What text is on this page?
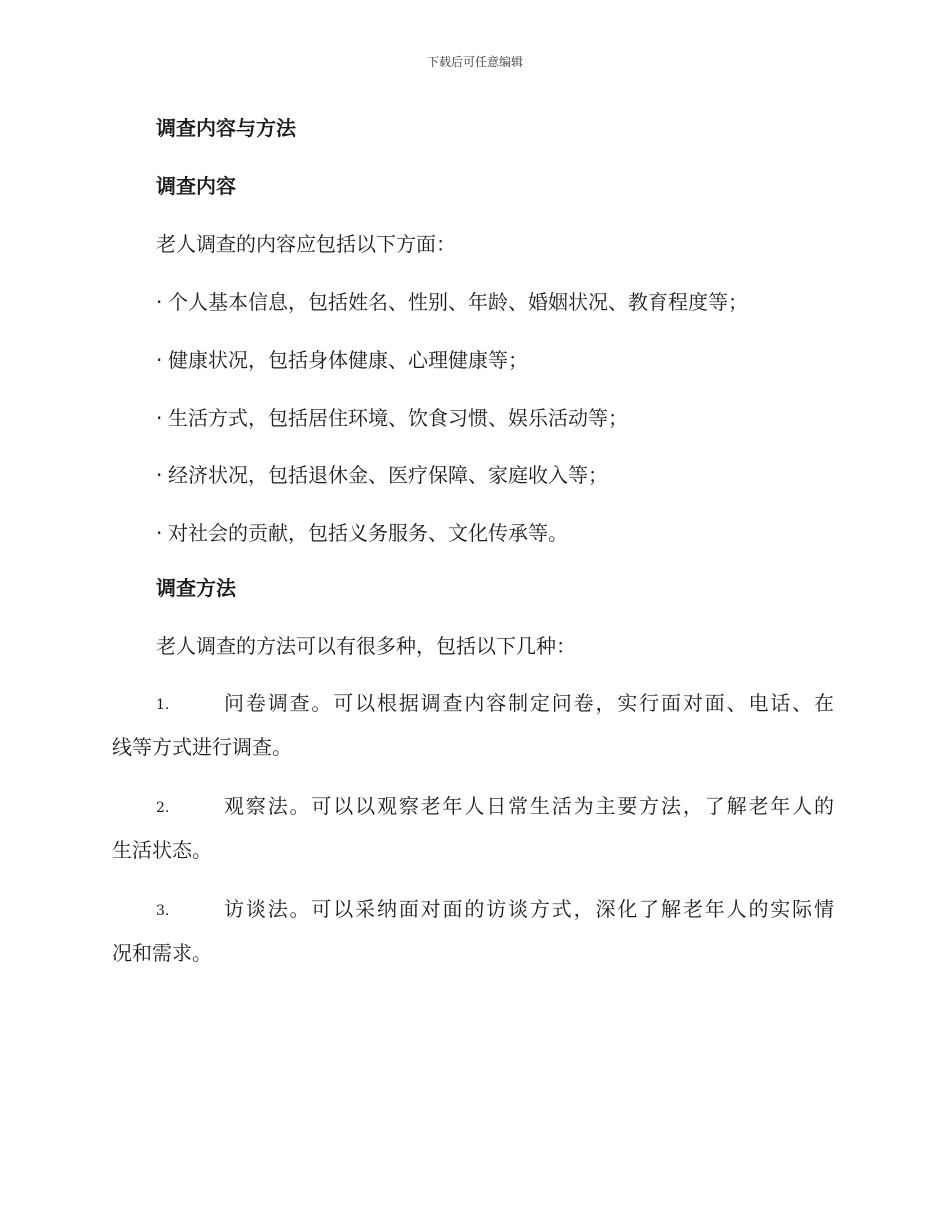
下载后可任意编辑
调查内容与方法
调查内容
老人调查的内容应包括以下方面：
· 个人基本信息，包括姓名、性别、年龄、婚姻状况、教育程度等；
· 健康状况，包括身体健康、心理健康等；
· 生活方式，包括居住环境、饮食习惯、娱乐活动等；
· 经济状况，包括退休金、医疗保障、家庭收入等；
· 对社会的贡献，包括义务服务、文化传承等。
调查方法
老人调查的方法可以有很多种，包括以下几种：
1.	问卷调查。可以根据调查内容制定问卷，实行面对面、电话、在
线等方式进行调查。
2.	观察法。可以以观察老年人日常生活为主要方法，了解老年人的
生活状态。
3.	访谈法。可以采纳面对面的访谈方式，深化了解老年人的实际情
况和需求。
